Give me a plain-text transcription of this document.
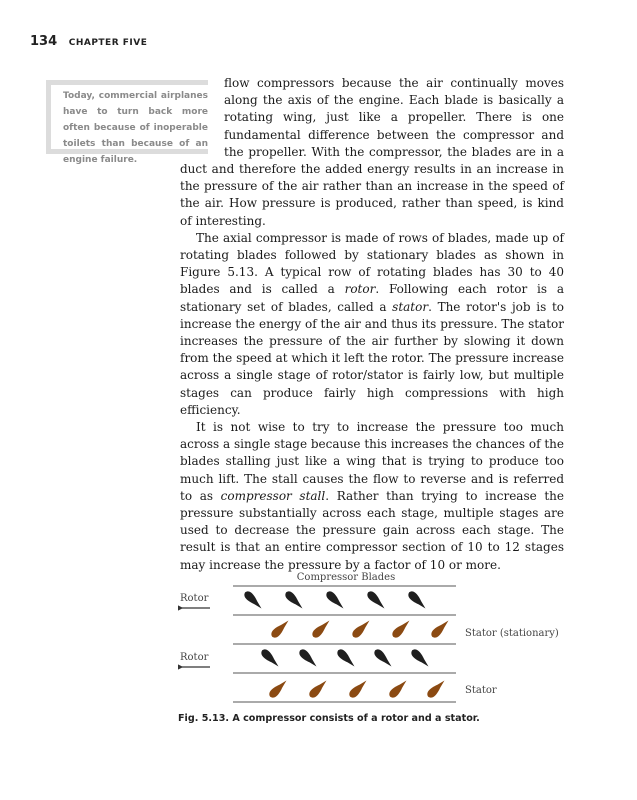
134 CHAPTER FIVE

Today, commercial airplanes have to turn back more often because of inoperable toilets than because of an engine failure.

flow compressors because the air continually moves along the axis of the engine. Each blade is basically a rotating wing, just like a propeller. There is one fundamental difference between the compressor and the propeller. With the compressor, the blades are in a duct and therefore the added energy results in an increase in the pressure of the air rather than an increase in the speed of the air. How pressure is produced, rather than speed, is kind of interesting.

The axial compressor is made of rows of blades, made up of rotating blades followed by stationary blades as shown in Figure 5.13. A typical row of rotating blades has 30 to 40 blades and is called a rotor. Following each rotor is a stationary set of blades, called a stator. The rotor's job is to increase the energy of the air and thus its pressure. The stator increases the pressure of the air further by slowing it down from the speed at which it left the rotor. The pressure increase across a single stage of rotor/stator is fairly low, but multiple stages can produce fairly high compressions with high efficiency.

It is not wise to try to increase the pressure too much across a single stage because this increases the chances of the blades stalling just like a wing that is trying to produce too much lift. The stall causes the flow to reverse and is referred to as compressor stall. Rather than trying to increase the pressure substantially across each stage, multiple stages are used to decrease the pressure gain across each stage. The result is that an entire compressor section of 10 to 12 stages may increase the pressure by a factor of 10 or more.

Compressor Blades
Rotor
Stator (stationary)
Rotor
Stator
Fig. 5.13. A compressor consists of a rotor and a stator.
